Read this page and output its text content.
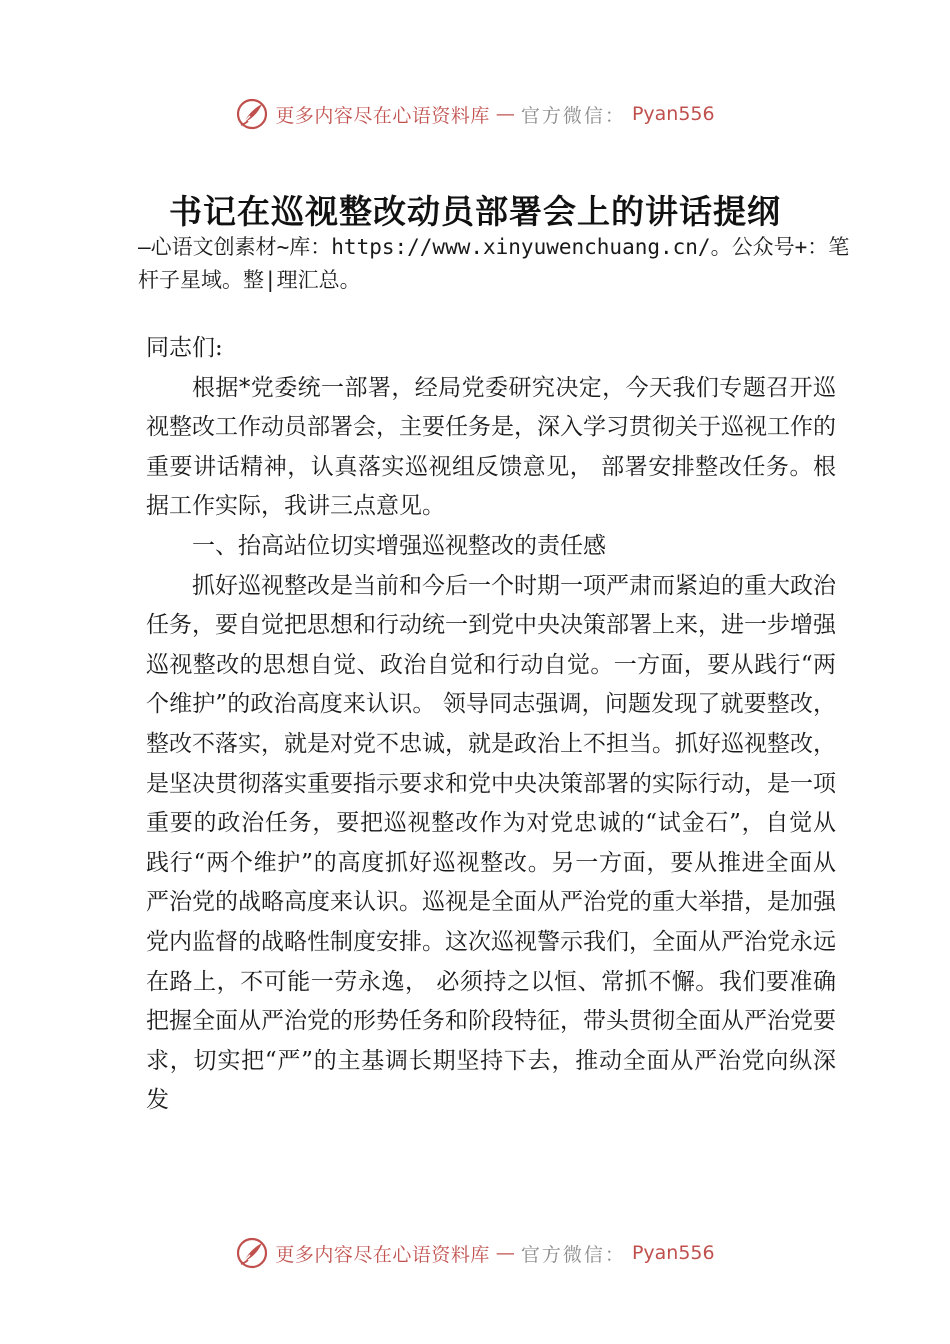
更多内容尽在心语资料库 — 官方微信： Pyan556
书记在巡视整改动员部署会上的讲话提纲

—心语文创素材~库：https://www.xinyuwenchuang.cn/。公众号+：笔杆子星域。整|理汇总。

同志们:

根据*党委统一部署，经局党委研究决定，今天我们专题召开巡视整改工作动员部署会，主要任务是，深入学习贯彻关于巡视工作的重要讲话精神，认真落实巡视组反馈意见， 部署安排整改任务。根据工作实际，我讲三点意见。

一、抬高站位切实增强巡视整改的责任感

抓好巡视整改是当前和今后一个时期一项严肃而紧迫的重大政治任务，要自觉把思想和行动统一到党中央决策部署上来，进一步增强巡视整改的思想自觉、政治自觉和行动自觉。一方面，要从践行“两个维护”的政治高度来认识。 领导同志强调，问题发现了就要整改，整改不落实，就是对党不忠诚，就是政治上不担当。抓好巡视整改，是坚决贯彻落实重要指示要求和党中央决策部署的实际行动，是一项重要的政治任务，要把巡视整改作为对党忠诚的“试金石”，自觉从践行“两个维护”的高度抓好巡视整改。另一方面，要从推进全面从严治党的战略高度来认识。巡视是全面从严治党的重大举措，是加强党内监督的战略性制度安排。这次巡视警示我们，全面从严治党永远在路上，不可能一劳永逸， 必须持之以恒、常抓不懈。我们要准确把握全面从严治党的形势任务和阶段特征，带头贯彻全面从严治党要求，切实把“严”的主基调长期坚持下去，推动全面从严治党向纵深发

更多内容尽在心语资料库 — 官方微信： Pyan556
